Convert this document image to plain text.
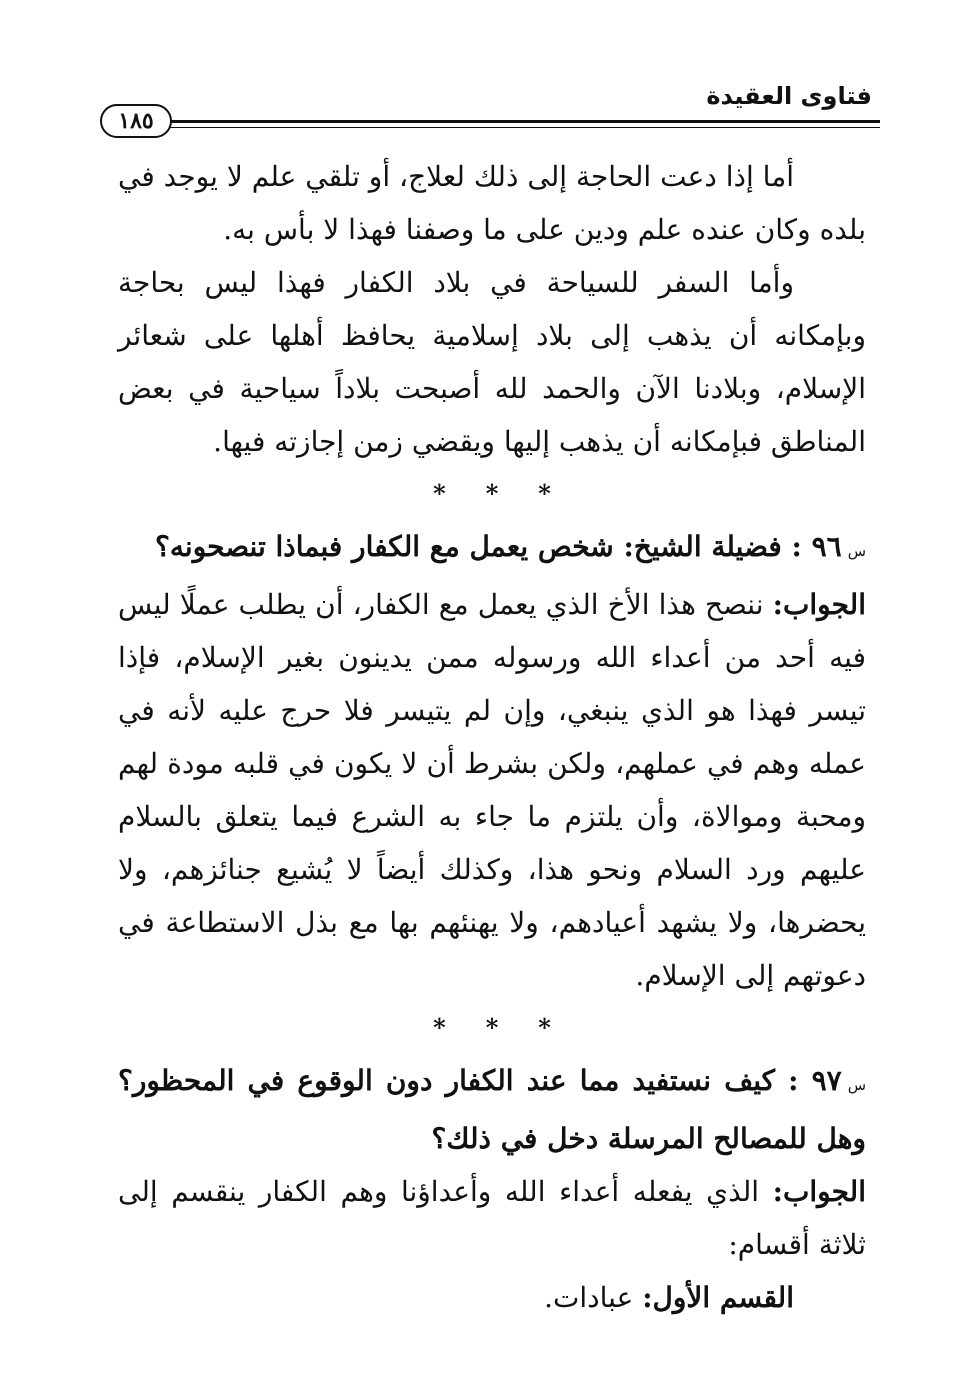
فتاوى العقيدة
١٨٥

أما إذا دعت الحاجة إلى ذلك لعلاج، أو تلقي علم لا يوجد في بلده وكان عنده علم ودين على ما وصفنا فهذا لا بأس به.

وأما السفر للسياحة في بلاد الكفار فهذا ليس بحاجة وبإمكانه أن يذهب إلى بلاد إسلامية يحافظ أهلها على شعائر الإسلام، وبلادنا الآن والحمد لله أصبحت بلاداً سياحية في بعض المناطق فبإمكانه أن يذهب إليها ويقضي زمن إجازته فيها.

* * *

س٩٦ : فضيلة الشيخ: شخص يعمل مع الكفار فبماذا تنصحونه؟

الجواب: ننصح هذا الأخ الذي يعمل مع الكفار، أن يطلب عملًا ليس فيه أحد من أعداء الله ورسوله ممن يدينون بغير الإسلام، فإذا تيسر فهذا هو الذي ينبغي، وإن لم يتيسر فلا حرج عليه لأنه في عمله وهم في عملهم، ولكن بشرط أن لا يكون في قلبه مودة لهم ومحبة وموالاة، وأن يلتزم ما جاء به الشرع فيما يتعلق بالسلام عليهم ورد السلام ونحو هذا، وكذلك أيضاً لا يُشيع جنائزهم، ولا يحضرها، ولا يشهد أعيادهم، ولا يهنئهم بها مع بذل الاستطاعة في دعوتهم إلى الإسلام.

* * *

س٩٧ : كيف نستفيد مما عند الكفار دون الوقوع في المحظور؟ وهل للمصالح المرسلة دخل في ذلك؟

الجواب: الذي يفعله أعداء الله وأعداؤنا وهم الكفار ينقسم إلى ثلاثة أقسام:

القسم الأول: عبادات.
